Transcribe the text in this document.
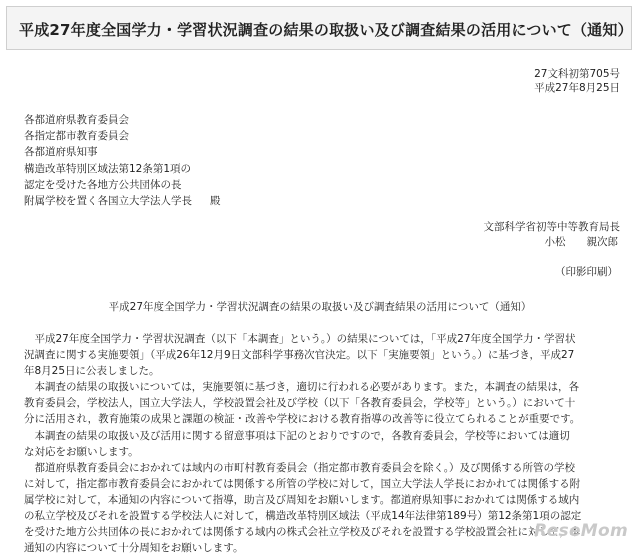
平成27年度全国学力・学習状況調査の結果の取扱い及び調査結果の活用について（通知）
27文科初第705号
平成27年8月25日
各都道府県教育委員会
各指定都市教育委員会
各都道府県知事
構造改革特別区域法第12条第1項の
認定を受けた各地方公共団体の長
附属学校を置く各国立大学法人学長 殿
文部科学省初等中等教育局長
小松　　親次郎
（印影印刷）
平成27年度全国学力・学習状況調査の結果の取扱い及び調査結果の活用について（通知）
　平成27年度全国学力・学習状況調査（以下「本調査」という。）の結果については，「平成27年度全国学力・学習状
況調査に関する実施要領」（平成26年12月9日文部科学事務次官決定。以下「実施要領」という。）に基づき，平成27
年8月25日に公表しました。
　本調査の結果の取扱いについては，実施要領に基づき，適切に行われる必要があります。また，本調査の結果は，各
教育委員会，学校法人，国立大学法人，学校設置会社及び学校（以下「各教育委員会，学校等」という。）において十
分に活用され，教育施策の成果と課題の検証・改善や学校における教育指導の改善等に役立てられることが重要です。
　本調査の結果の取扱い及び活用に関する留意事項は下記のとおりですので，各教育委員会，学校等においては適切
な対応をお願いします。
　都道府県教育委員会におかれては域内の市町村教育委員会（指定都市教育委員会を除く。）及び関係する所管の学校
に対して，指定都市教育委員会におかれては関係する所管の学校に対して，国立大学法人学長におかれては関係する附
属学校に対して，本通知の内容について指導，助言及び周知をお願いします。都道府県知事におかれては関係する域内
の私立学校及びそれを設置する学校法人に対して，構造改革特別区域法（平成14年法律第189号）第12条第1項の認定
を受けた地方公共団体の長におかれては関係する域内の株式会社立学校及びそれを設置する学校設置会社に対して，本
通知の内容について十分周知をお願いします。
ReseMom
